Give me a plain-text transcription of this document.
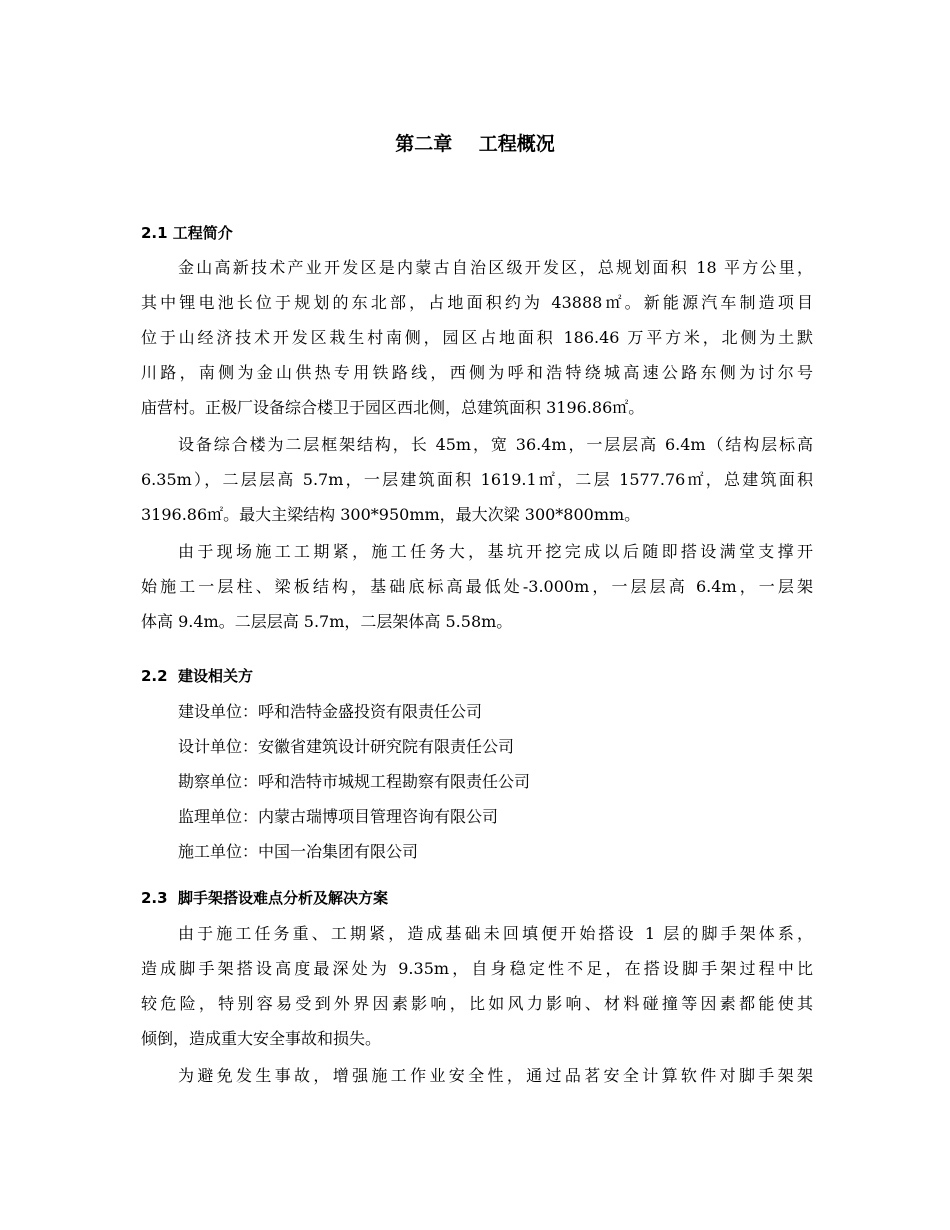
第二章    工程概况
2.1 工程简介
金山高新技术产业开发区是内蒙古自治区级开发区，总规划面积 18 平方公里，
其中锂电池长位于规划的东北部，占地面积约为 43888㎡。新能源汽车制造项目
位于山经济技术开发区栽生村南侧，园区占地面积 186.46 万平方米，北侧为土默
川路，南侧为金山供热专用铁路线，西侧为呼和浩特绕城高速公路东侧为讨尔号
庙营村。正极厂设备综合楼卫于园区西北侧，总建筑面积 3196.86㎡。
设备综合楼为二层框架结构，长 45m，宽 36.4m，一层层高 6.4m（结构层标高
6.35m），二层层高 5.7m，一层建筑面积 1619.1㎡，二层 1577.76㎡，总建筑面积
3196.86㎡。最大主梁结构 300*950mm，最大次梁 300*800mm。
由于现场施工工期紧，施工任务大，基坑开挖完成以后随即搭设满堂支撑开
始施工一层柱、梁板结构，基础底标高最低处-3.000m，一层层高 6.4m，一层架
体高 9.4m。二层层高 5.7m，二层架体高 5.58m。
2.2  建设相关方
建设单位：呼和浩特金盛投资有限责任公司
设计单位：安徽省建筑设计研究院有限责任公司
勘察单位：呼和浩特市城规工程勘察有限责任公司
监理单位：内蒙古瑞博项目管理咨询有限公司
施工单位：中国一冶集团有限公司
2.3  脚手架搭设难点分析及解决方案
由于施工任务重、工期紧，造成基础未回填便开始搭设 1 层的脚手架体系，
造成脚手架搭设高度最深处为 9.35m，自身稳定性不足，在搭设脚手架过程中比
较危险，特别容易受到外界因素影响，比如风力影响、材料碰撞等因素都能使其
倾倒，造成重大安全事故和损失。
为避免发生事故，增强施工作业安全性，通过品茗安全计算软件对脚手架架
